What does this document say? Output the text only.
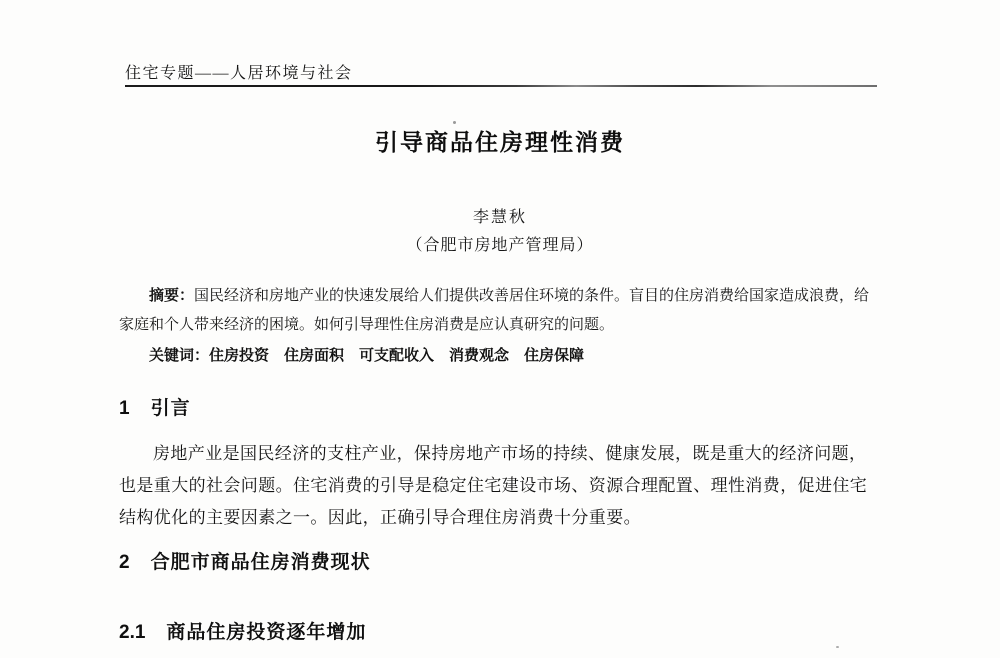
住宅专题——人居环境与社会
引导商品住房理性消费
李慧秋
（合肥市房地产管理局）
摘要：国民经济和房地产业的快速发展给人们提供改善居住环境的条件。盲目的住房消费给国家造成浪费，给
家庭和个人带来经济的困境。如何引导理性住房消费是应认真研究的问题。
关键词：住房投资　住房面积　可支配收入　消费观念　住房保障
1 引言
房地产业是国民经济的支柱产业，保持房地产市场的持续、健康发展，既是重大的经济问题，
也是重大的社会问题。住宅消费的引导是稳定住宅建设市场、资源合理配置、理性消费，促进住宅
结构优化的主要因素之一。因此，正确引导合理住房消费十分重要。
2 合肥市商品住房消费现状
2.1 商品住房投资逐年增加
